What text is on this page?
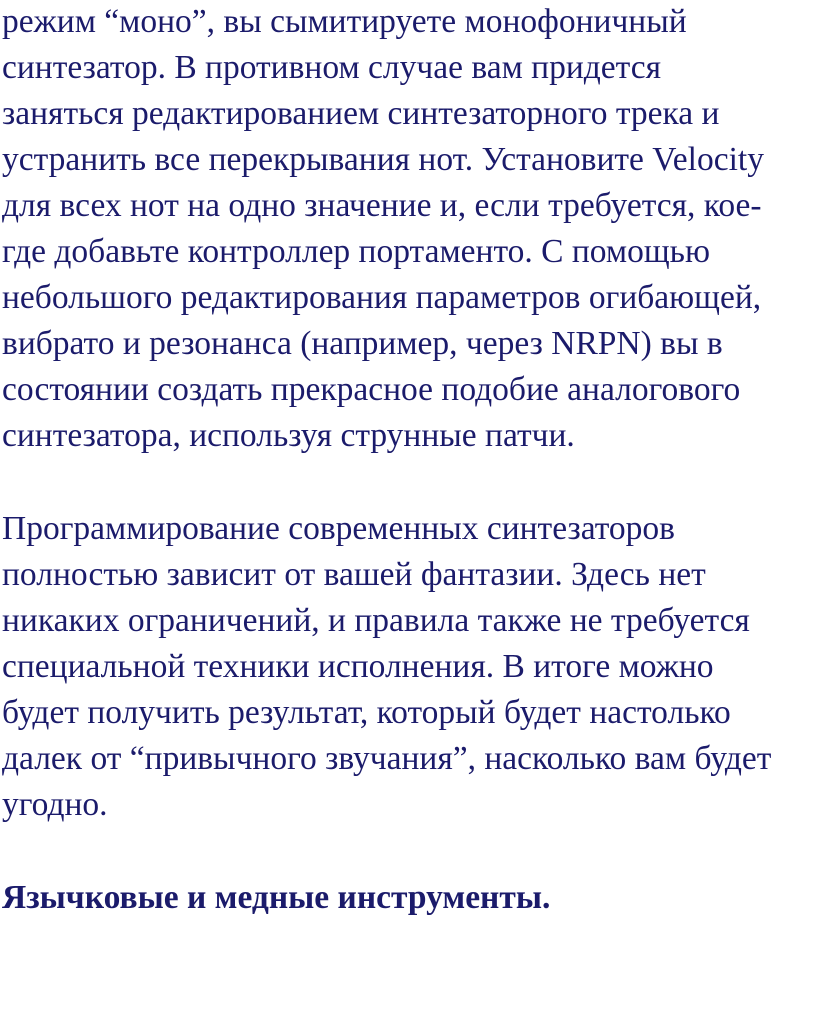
режим “моно”, вы сымитируете монофоничный
синтезатор. В противном случае вам придется
заняться редактированием синтезаторного трека и
устранить все перекрывания нот. Установите Velocity
для всех нот на одно значение и, если требуется, кое-
где добавьте контроллер портаменто. С помощью
небольшого редактирования параметров огибающей,
вибрато и резонанса (например, через NRPN) вы в
состоянии создать прекрасное подобие аналогового
синтезатора, используя струнные патчи.
Программирование современных синтезаторов
полностью зависит от вашей фантазии. Здесь нет
никаких ограничений, и правила также не требуется
специальной техники исполнения. В итоге можно
будет получить результат, который будет настолько
далек от “привычного звучания”, насколько вам будет
угодно.
Язычковые и медные инструменты.
